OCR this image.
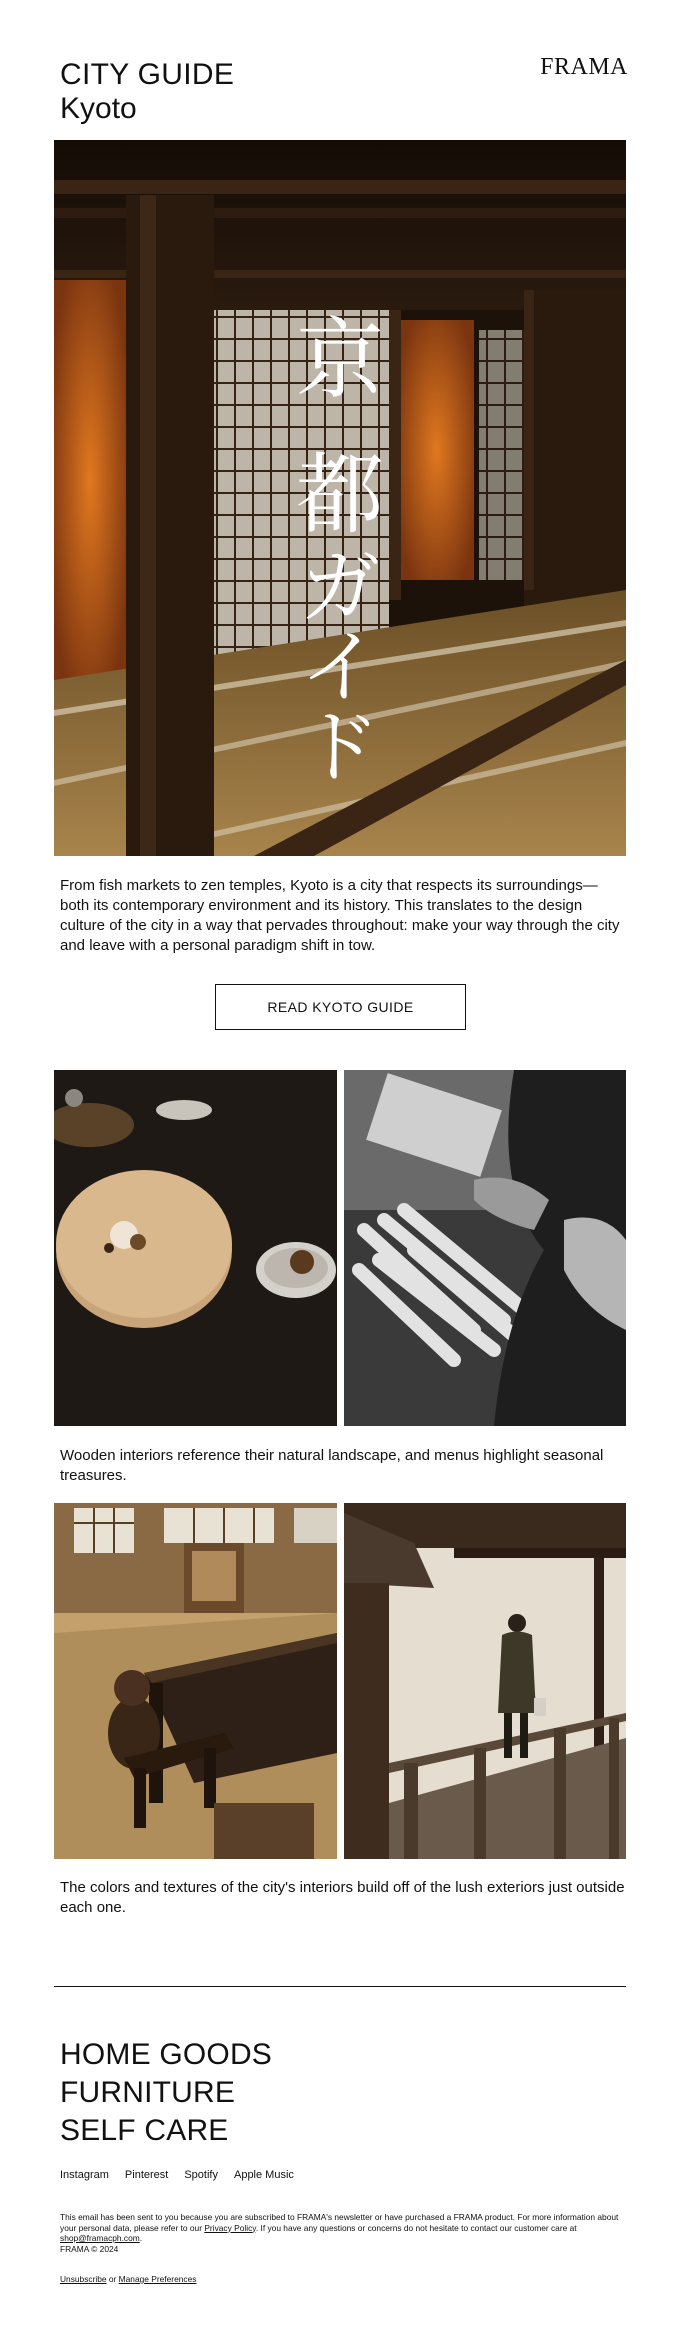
CITY GUIDE
Kyoto
FRAMA
京
都
ガ
イ
ド

From fish markets to zen temples, Kyoto is a city that respects its surroundings—both its contemporary environment and its history. This translates to the design culture of the city in a way that pervades throughout: make your way through the city and leave with a personal paradigm shift in tow.

READ KYOTO GUIDE

Wooden interiors reference their natural landscape, and menus highlight seasonal treasures.

The colors and textures of the city's interiors build off of the lush exteriors just outside each one.

HOME GOODS
FURNITURE
SELF CARE
Instagram Pinterest Spotify Apple Music
This email has been sent to you because you are subscribed to FRAMA's newsletter or have purchased a FRAMA product. For more information about your personal data, please refer to our Privacy Policy. If you have any questions or concerns do not hesitate to contact our customer care at shop@framacph.com.
FRAMA © 2024
Unsubscribe or Manage Preferences
